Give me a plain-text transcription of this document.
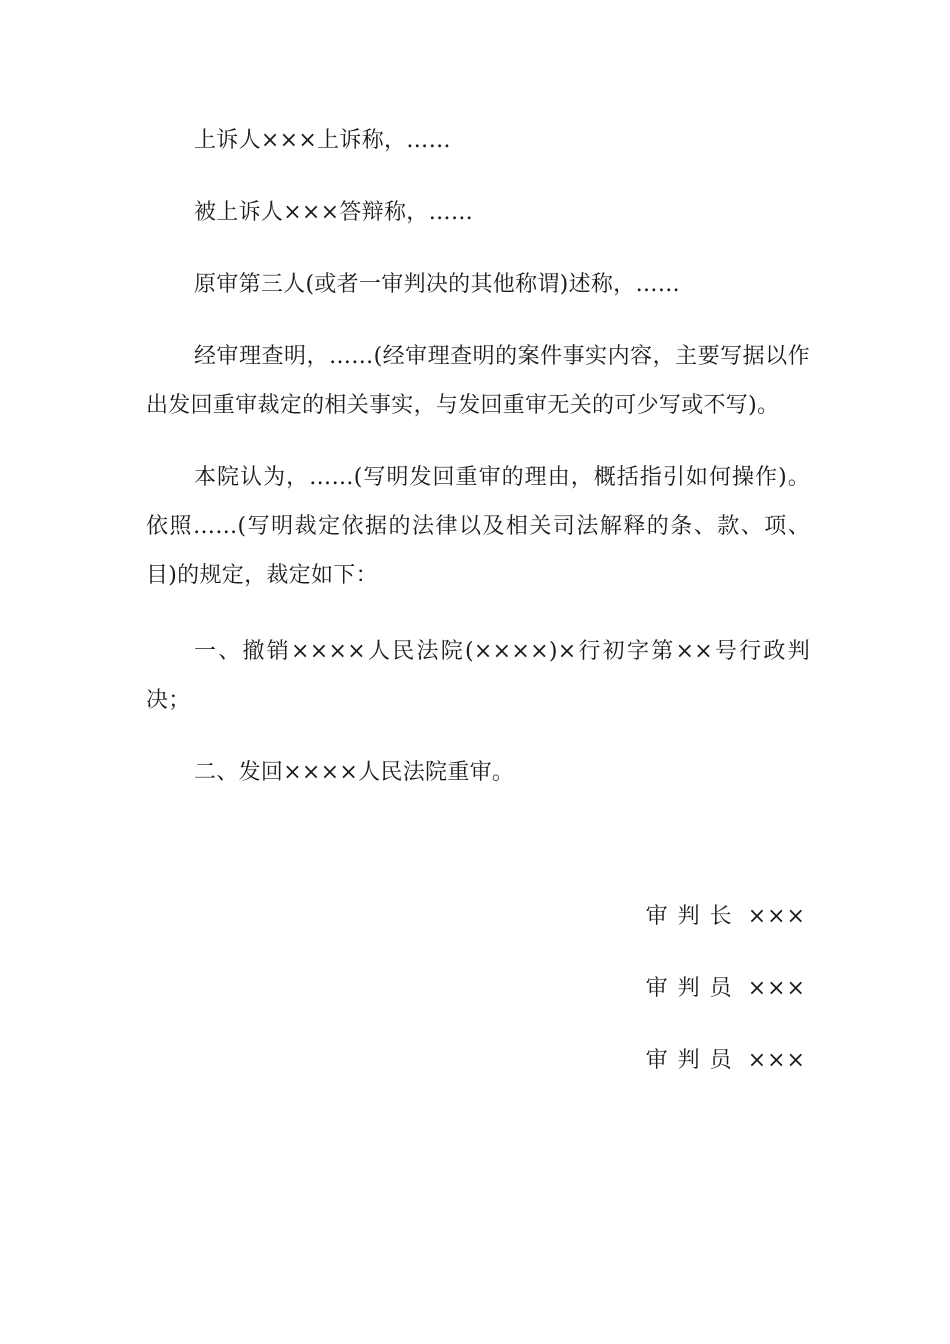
上诉人×××上诉称，……

被上诉人×××答辩称，……

原审第三人(或者一审判决的其他称谓)述称，……

经审理查明，……(经审理查明的案件事实内容，主要写据以作出发回重审裁定的相关事实，与发回重审无关的可少写或不写)。

本院认为，……(写明发回重审的理由，概括指引如何操作)。依照……(写明裁定依据的法律以及相关司法解释的条、款、项、目)的规定，裁定如下：

一、撤销××××人民法院(××××)×行初字第××号行政判决；

二、发回××××人民法院重审。

审判长 ×××
审判员 ×××
审判员 ×××
